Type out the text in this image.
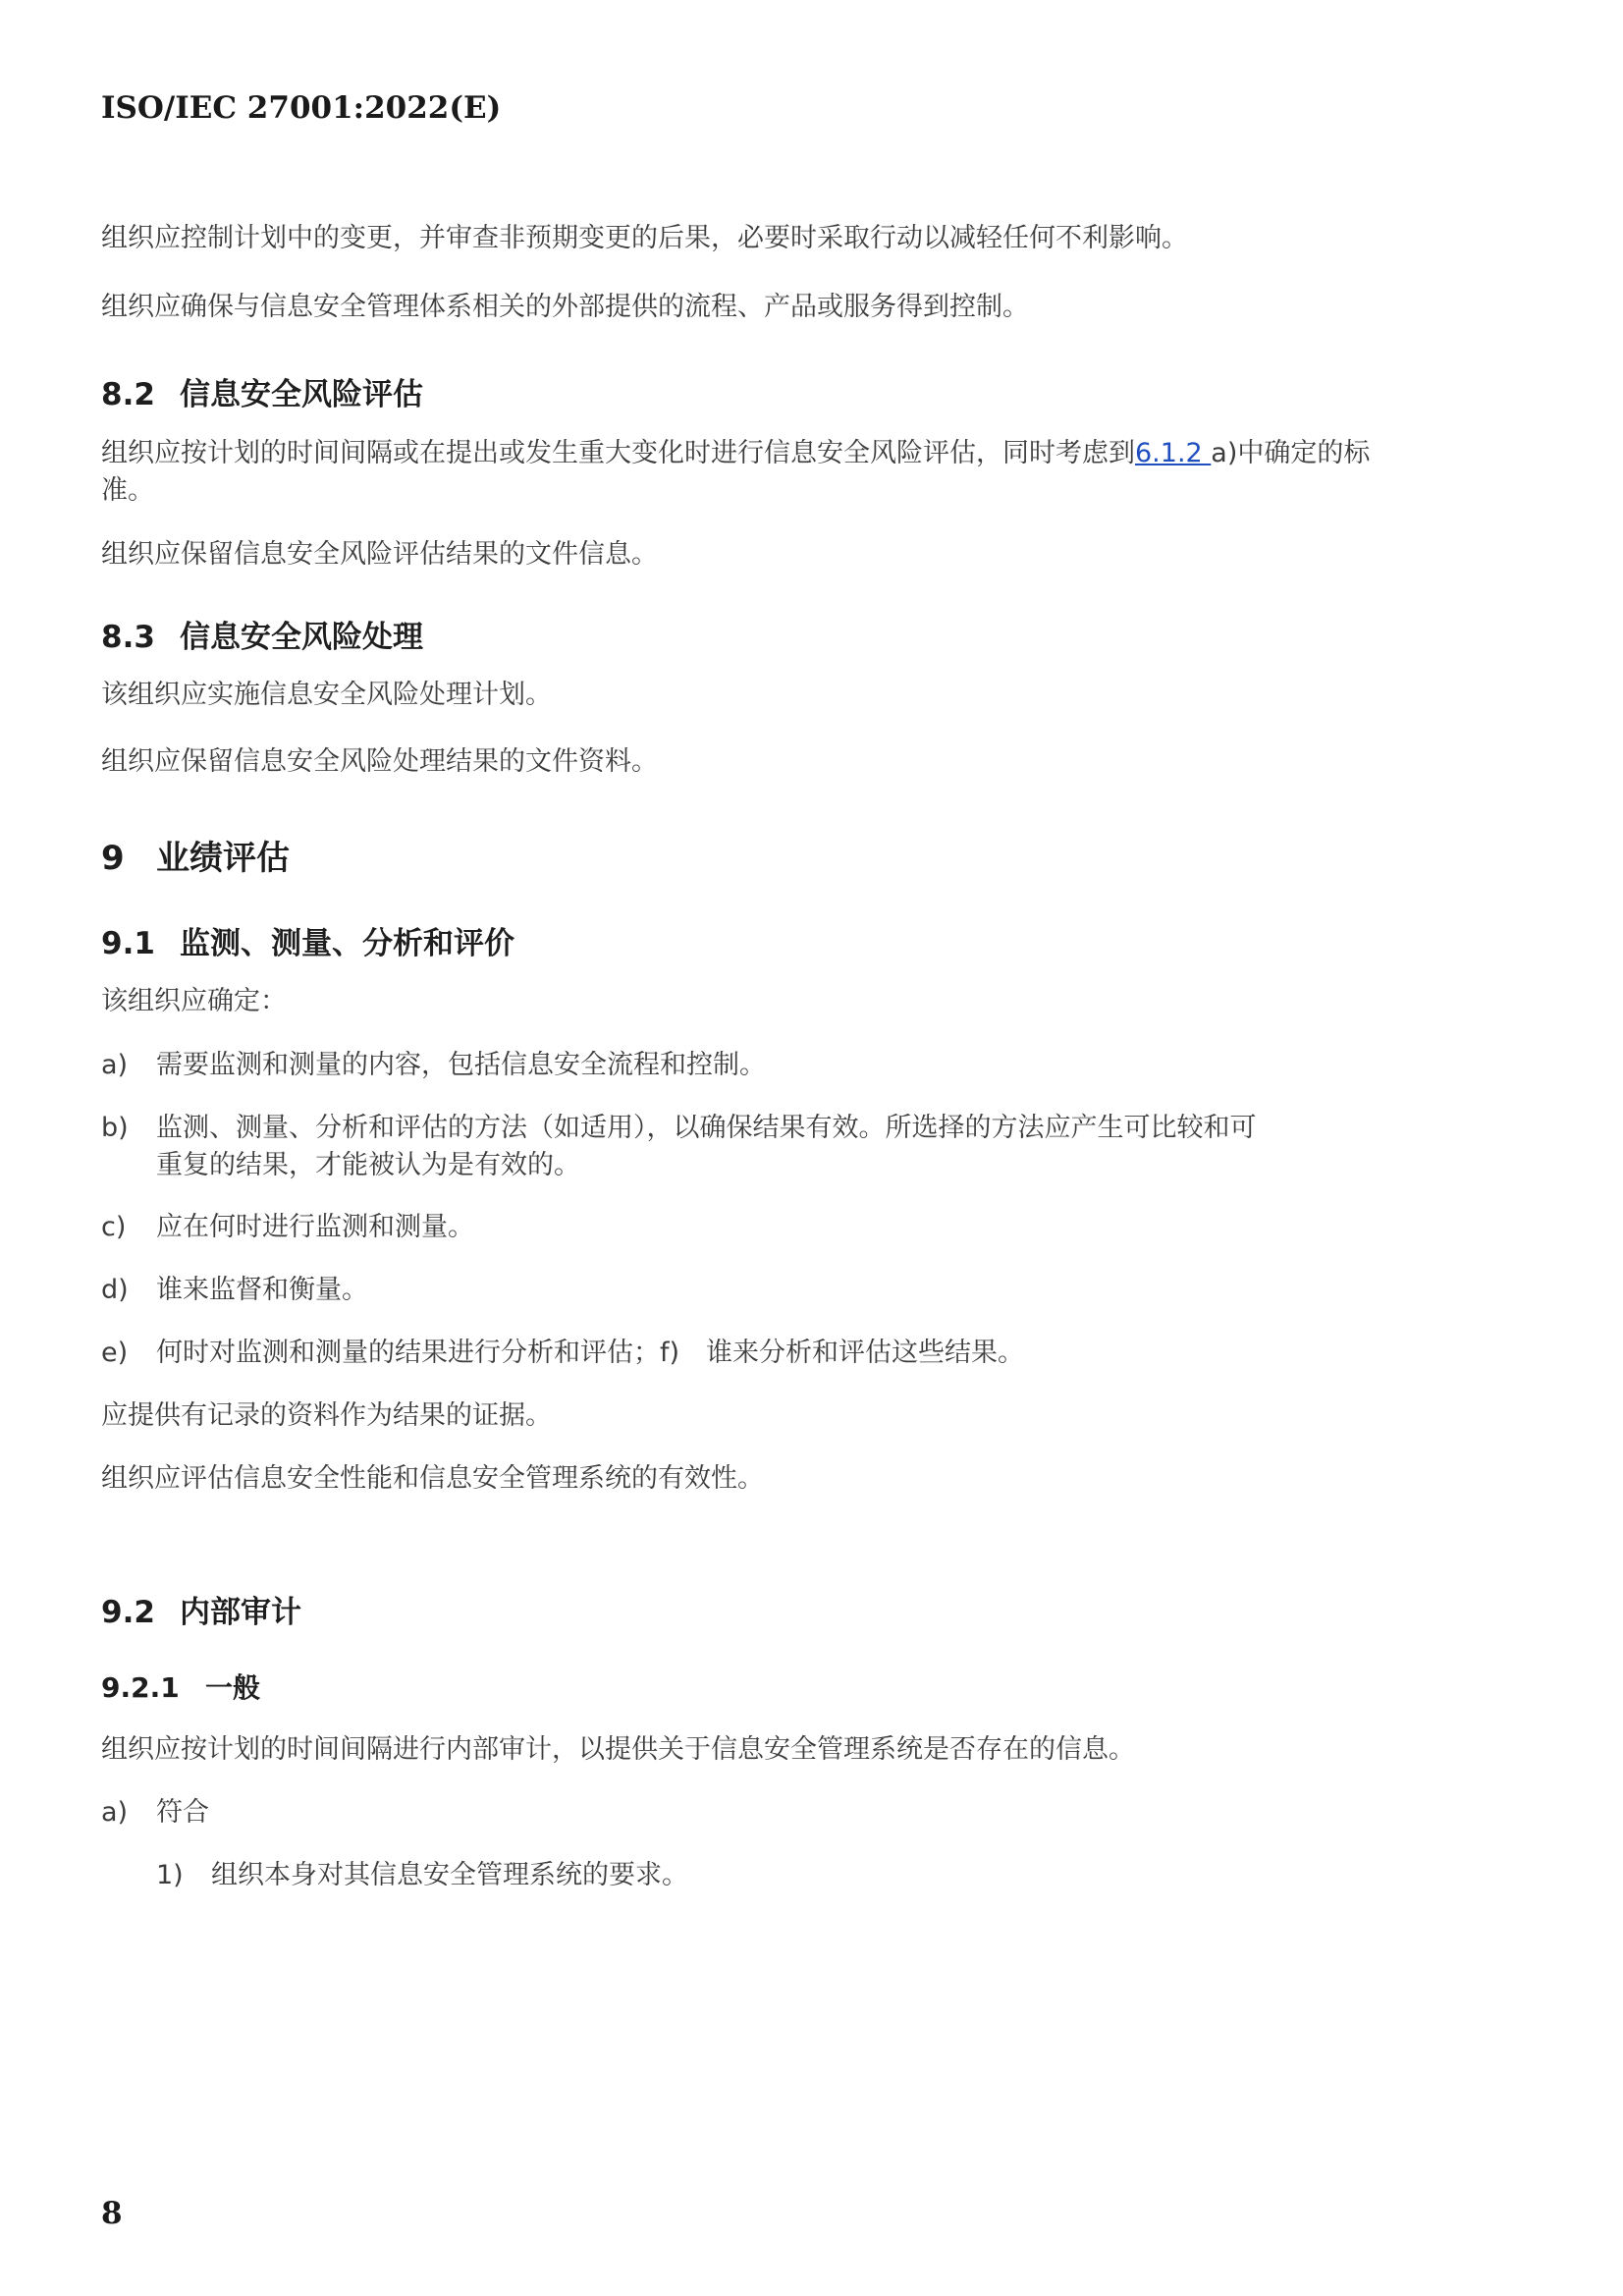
ISO/IEC 27001:2022(E)
组织应控制计划中的变更，并审查非预期变更的后果，必要时采取行动以减轻任何不利影响。
组织应确保与信息安全管理体系相关的外部提供的流程、产品或服务得到控制。
8.2 信息安全风险评估
组织应按计划的时间间隔或在提出或发生重大变化时进行信息安全风险评估，同时考虑到6.1.2 a)中确定的标
准。
组织应保留信息安全风险评估结果的文件信息。
8.3 信息安全风险处理
该组织应实施信息安全风险处理计划。
组织应保留信息安全风险处理结果的文件资料。
9 业绩评估
9.1 监测、测量、分析和评价
该组织应确定：
a) 需要监测和测量的内容，包括信息安全流程和控制。
b) 监测、测量、分析和评估的方法（如适用），以确保结果有效。所选择的方法应产生可比较和可
重复的结果，才能被认为是有效的。
c) 应在何时进行监测和测量。
d) 谁来监督和衡量。
e) 何时对监测和测量的结果进行分析和评估；f)　谁来分析和评估这些结果。
应提供有记录的资料作为结果的证据。
组织应评估信息安全性能和信息安全管理系统的有效性。
9.2 内部审计
9.2.1 一般
组织应按计划的时间间隔进行内部审计，以提供关于信息安全管理系统是否存在的信息。
a) 符合
1) 组织本身对其信息安全管理系统的要求。
8
